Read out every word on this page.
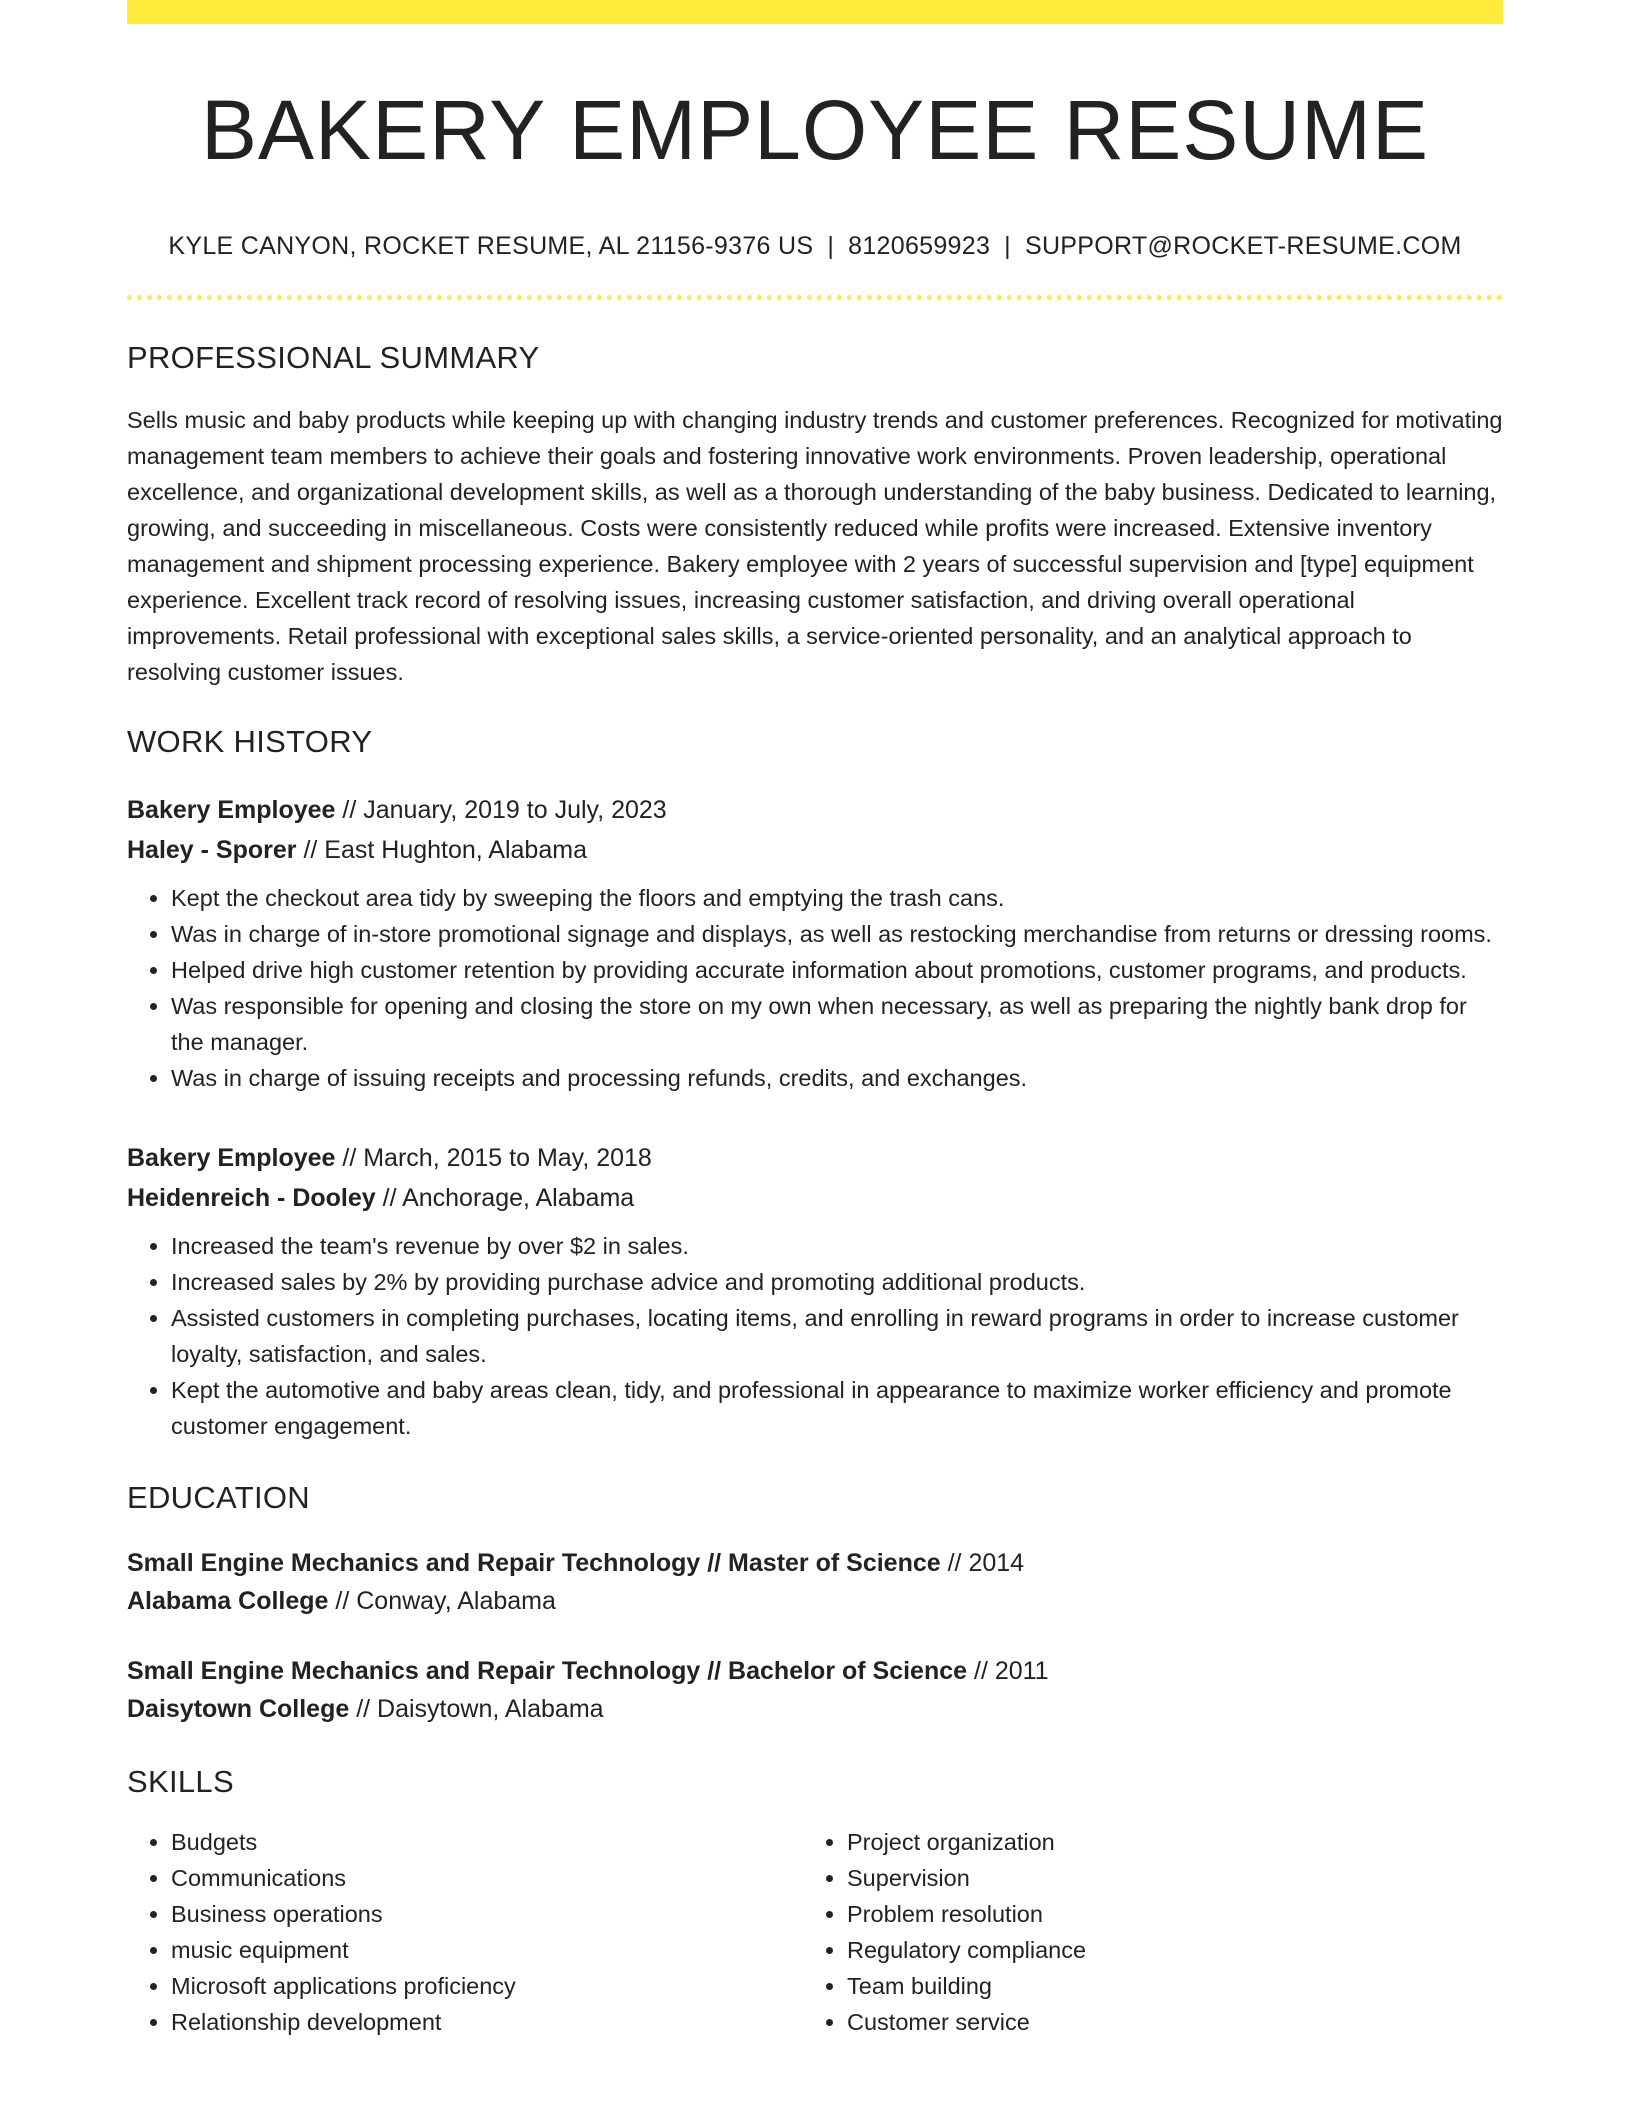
BAKERY EMPLOYEE RESUME
KYLE CANYON, ROCKET RESUME, AL 21156-9376 US | 8120659923 | SUPPORT@ROCKET-RESUME.COM
PROFESSIONAL SUMMARY

Sells music and baby products while keeping up with changing industry trends and customer preferences. Recognized for motivating management team members to achieve their goals and fostering innovative work environments. Proven leadership, operational excellence, and organizational development skills, as well as a thorough understanding of the baby business. Dedicated to learning, growing, and succeeding in miscellaneous. Costs were consistently reduced while profits were increased. Extensive inventory management and shipment processing experience. Bakery employee with 2 years of successful supervision and [type] equipment experience. Excellent track record of resolving issues, increasing customer satisfaction, and driving overall operational improvements. Retail professional with exceptional sales skills, a service-oriented personality, and an analytical approach to resolving customer issues.

WORK HISTORY
Bakery Employee // January, 2019 to July, 2023
Haley - Sporer // East Hughton, Alabama
• Kept the checkout area tidy by sweeping the floors and emptying the trash cans.
• Was in charge of in-store promotional signage and displays, as well as restocking merchandise from returns or dressing rooms.
• Helped drive high customer retention by providing accurate information about promotions, customer programs, and products.
• Was responsible for opening and closing the store on my own when necessary, as well as preparing the nightly bank drop for the manager.
• Was in charge of issuing receipts and processing refunds, credits, and exchanges.
Bakery Employee // March, 2015 to May, 2018
Heidenreich - Dooley // Anchorage, Alabama
• Increased the team's revenue by over $2 in sales.
• Increased sales by 2% by providing purchase advice and promoting additional products.
• Assisted customers in completing purchases, locating items, and enrolling in reward programs in order to increase customer loyalty, satisfaction, and sales.
• Kept the automotive and baby areas clean, tidy, and professional in appearance to maximize worker efficiency and promote customer engagement.
EDUCATION
Small Engine Mechanics and Repair Technology // Master of Science // 2014
Alabama College // Conway, Alabama
Small Engine Mechanics and Repair Technology // Bachelor of Science // 2011
Daisytown College // Daisytown, Alabama
SKILLS
• Budgets
• Communications
• Business operations
• music equipment
• Microsoft applications proficiency
• Relationship development
• Project organization
• Supervision
• Problem resolution
• Regulatory compliance
• Team building
• Customer service
